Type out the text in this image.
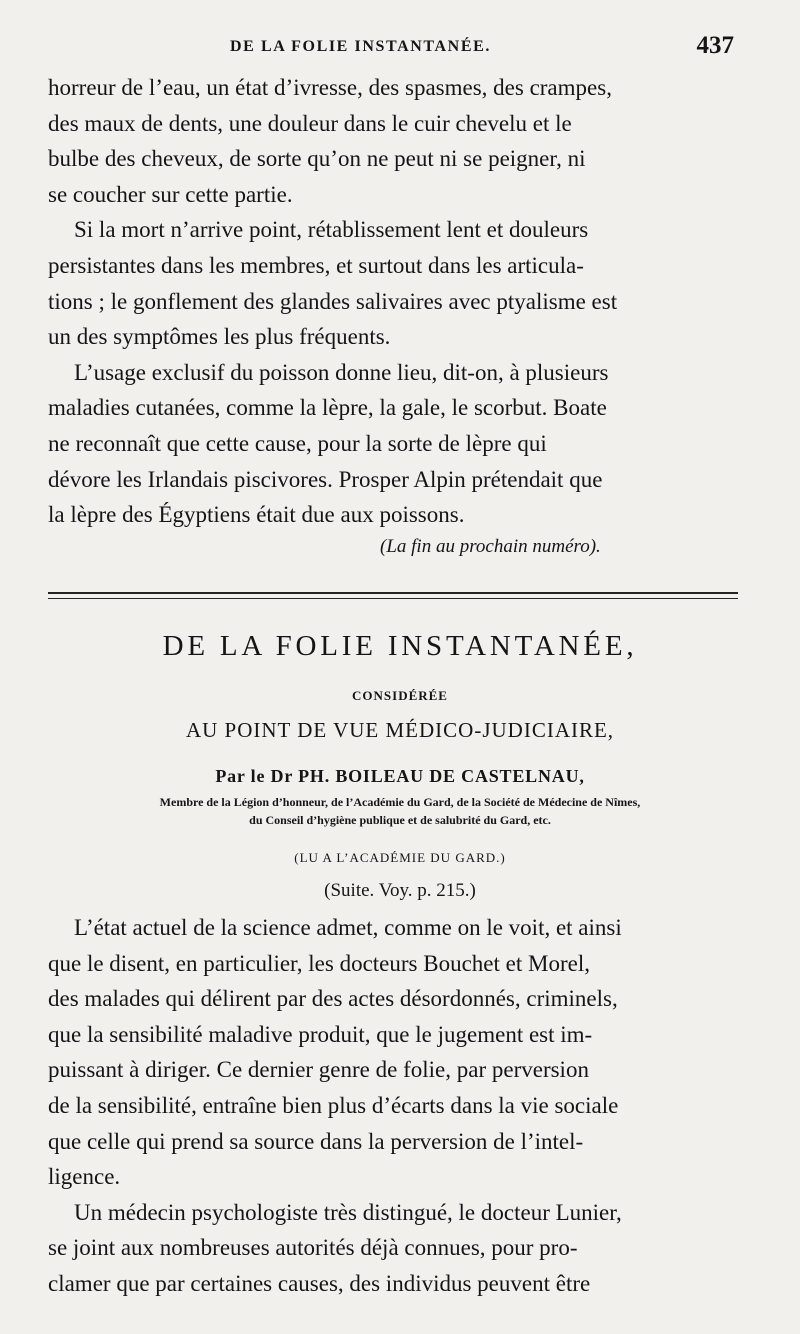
DE LA FOLIE INSTANTANÉE.	437
horreur de l’eau, un état d’ivresse, des spasmes, des crampes,
des maux de dents, une douleur dans le cuir chevelu et le
bulbe des cheveux, de sorte qu’on ne peut ni se peigner, ni
se coucher sur cette partie.
Si la mort n’arrive point, rétablissement lent et douleurs
persistantes dans les membres, et surtout dans les articula-
tions ; le gonflement des glandes salivaires avec ptyalisme est
un des symptômes les plus fréquents.
L’usage exclusif du poisson donne lieu, dit-on, à plusieurs
maladies cutanées, comme la lèpre, la gale, le scorbut. Boate
ne reconnaît que cette cause, pour la sorte de lèpre qui
dévore les Irlandais piscivores. Prosper Alpin prétendait que
la lèpre des Égyptiens était due aux poissons.
(La fin au prochain numéro).
DE LA FOLIE INSTANTANÉE,
CONSIDÉRÉE
AU POINT DE VUE MÉDICO-JUDICIAIRE,
Par le Dr PH. BOILEAU DE CASTELNAU,
Membre de la Légion d’honneur, de l’Académie du Gard, de la Société de Médecine de Nîmes,
du Conseil d’hygiène publique et de salubrité du Gard, etc.
(LU A L’ACADÉMIE DU GARD.)
(Suite. Voy. p. 215.)
L’état actuel de la science admet, comme on le voit, et ainsi
que le disent, en particulier, les docteurs Bouchet et Morel,
des malades qui délirent par des actes désordonnés, criminels,
que la sensibilité maladive produit, que le jugement est im-
puissant à diriger. Ce dernier genre de folie, par perversion
de la sensibilité, entraîne bien plus d’écarts dans la vie sociale
que celle qui prend sa source dans la perversion de l’intel-
ligence.
Un médecin psychologiste très distingué, le docteur Lunier,
se joint aux nombreuses autorités déjà connues, pour pro-
clamer que par certaines causes, des individus peuvent être
